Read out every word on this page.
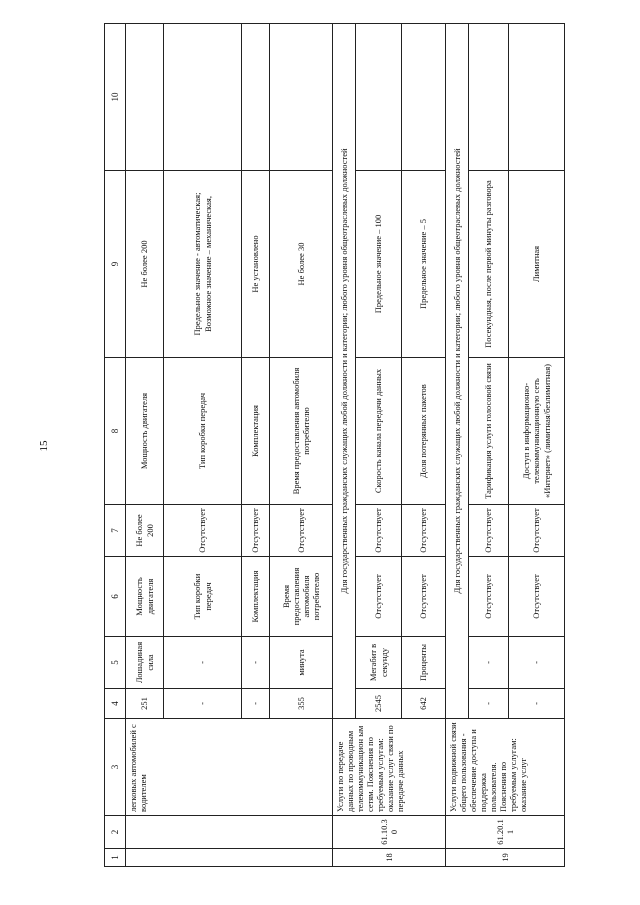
15
1	2	3	4	5	6	7	8	9	10
		легковых автомобилей с водителем	251	Лошадиная сила	Мощность двигателя	Не более 200	Мощность двигателя	Не более 200	
			-	-	Тип коробки передач	Отсутствует	Тип коробки передач	Предельное значение - автоматическая; Возможное значение – механическая,	
			-	-	Комплектация	Отсутствует	Комплектация	Не установлено	
			355	минута	Время предоставления автомобиля потребителю	Отсутствует	Время предоставления автомобиля потребителю	Не более 30	
18	61.10.30	Услуги по передаче данных по проводным телекоммуникацион ым сетям. Пояснения по требуемым услугам: оказание услуг связи по передаче данных	Для государственных гражданских служащих любой должности и категории; любого уровня общеотраслевых должностей						
			2545	Мегабит в секунду	Отсутствует	Отсутствует	Скорость канала передачи данных	Предельное значение – 100	
			642	Проценты	Отсутствует	Отсутствует	Доля потерянных пакетов	Предельное значение – 5	
19	61.20.11	Услуги подвижной связи общего пользования - обеспечение доступа и поддержка пользователя. Пояснения по требуемым услугам: оказание услуг	Для государственных гражданских служащих любой должности и категории; любого уровня общеотраслевых должностей						
			-	-	Отсутствует	Отсутствует	Тарификация услуги голосовой связи	Посекундная, после первой минуты разговора	
			-	-	Отсутствует	Отсутствует	Доступ в информационно-телекоммуникационную сеть «Интернет» (лимитная/безлимитная)	Лимитная	
